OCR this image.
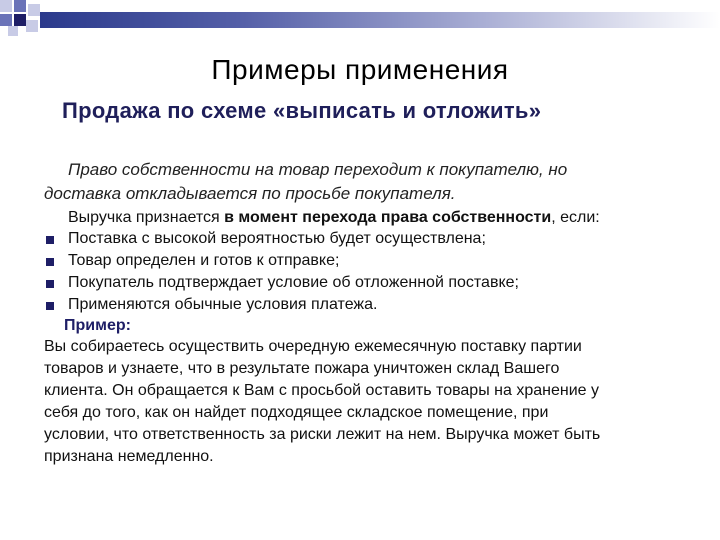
Примеры применения
Продажа по схеме «выписать и отложить»
Право собственности на товар переходит к покупателю, но
доставка откладывается по просьбе покупателя.
Выручка признается в момент перехода права собственности, если:
Поставка с высокой вероятностью будет осуществлена;
Товар определен и готов к отправке;
Покупатель подтверждает условие об отложенной поставке;
Применяются обычные условия платежа.
Пример:
Вы собираетесь осуществить очередную ежемесячную поставку партии
товаров и узнаете, что в результате пожара уничтожен склад Вашего
клиента. Он обращается к Вам с просьбой оставить товары на хранение у
себя до того, как он найдет подходящее складское помещение, при
условии, что ответственность за риски лежит на нем. Выручка может быть
признана немедленно.
